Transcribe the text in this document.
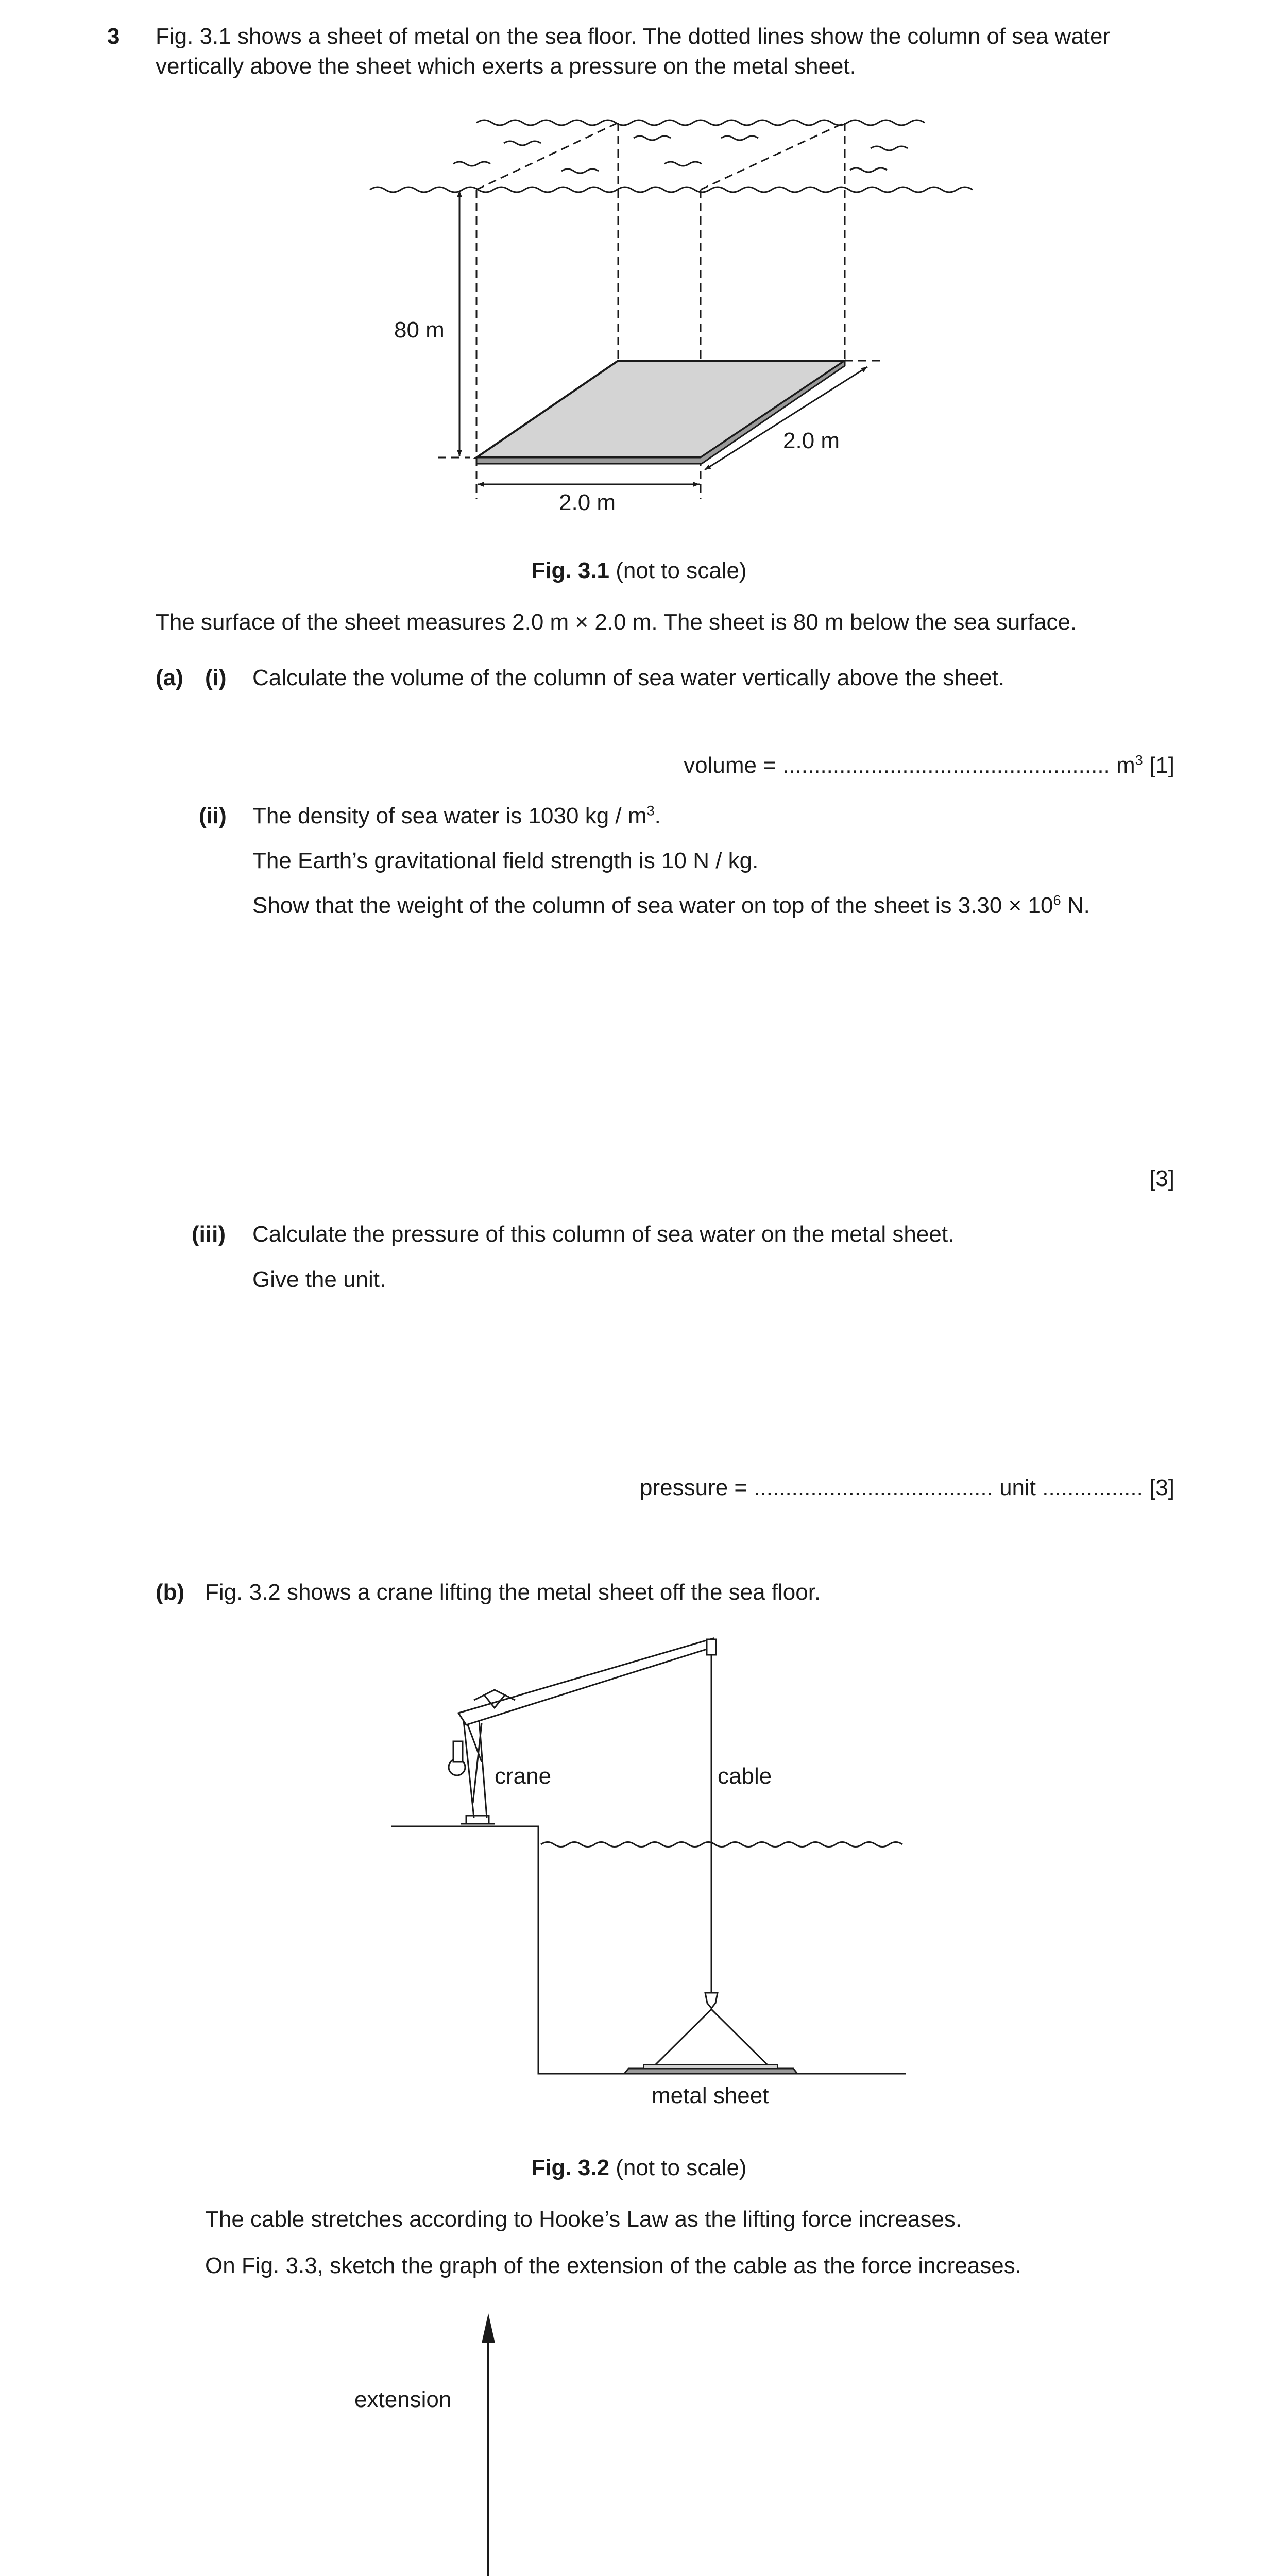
3 Fig. 3.1 shows a sheet of metal on the sea floor. The dotted lines show the column of sea water
vertically above the sheet which exerts a pressure on the metal sheet.
80 m
2.0 m
2.0 m
Fig. 3.1 (not to scale)
The surface of the sheet measures 2.0 m × 2.0 m. The sheet is 80 m below the sea surface.
(a) (i) Calculate the volume of the column of sea water vertically above the sheet.
volume = .................................................... $m^3$ [1]
(ii) The density of sea water is 1030 kg / $m^3$.
The Earth’s gravitational field strength is 10 N / kg.
Show that the weight of the column of sea water on top of the sheet is $3.30 \times 10^6$ N.
[3]
(iii) Calculate the pressure of this column of sea water on the metal sheet.
Give the unit.
pressure = ...................................... unit ................ [3]
(b) Fig. 3.2 shows a crane lifting the metal sheet off the sea floor.
crane	cable
metal sheet
Fig. 3.2 (not to scale)
The cable stretches according to Hooke’s Law as the lifting force increases.
On Fig. 3.3, sketch the graph of the extension of the cable as the force increases.
extension
